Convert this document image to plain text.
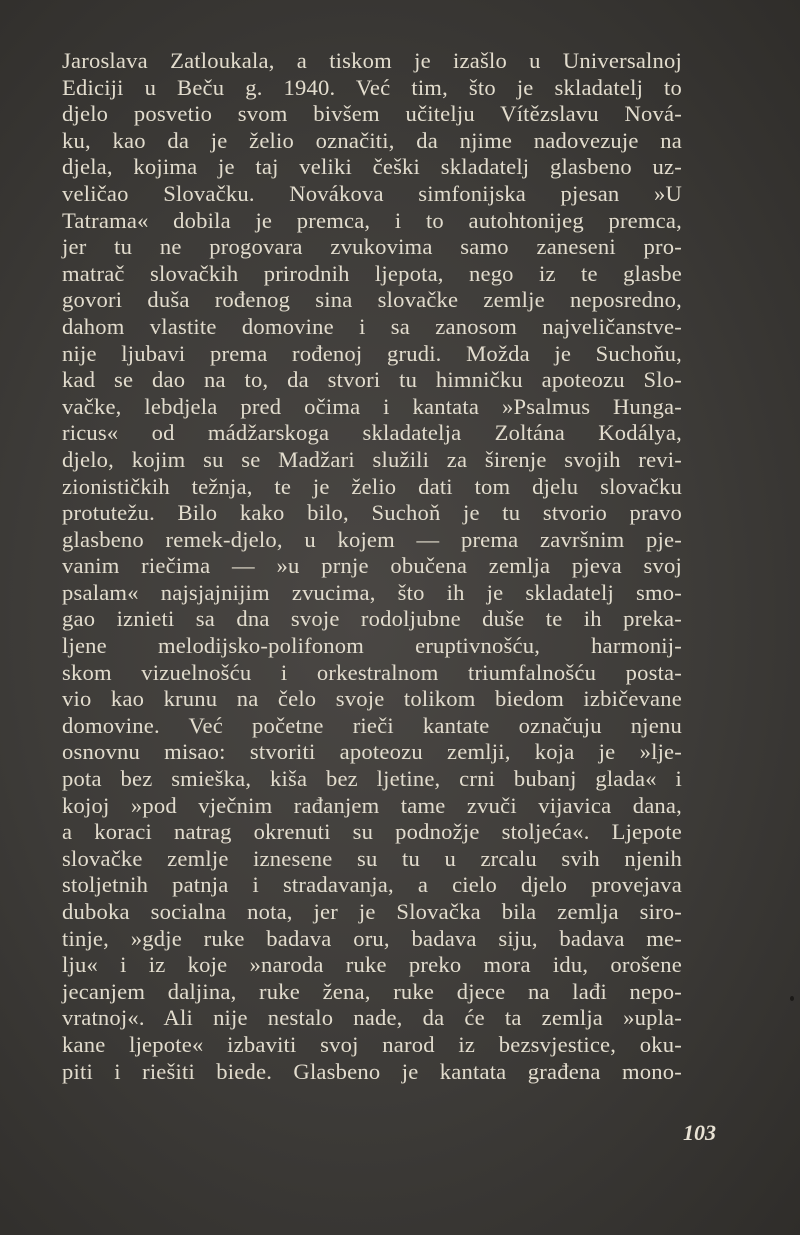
Jaroslava Zatloukala, a tiskom je izašlo u Universalnoj
Ediciji u Beču g. 1940. Već tim, što je skladatelj to
djelo posvetio svom bivšem učitelju Vítězslavu Nová-
ku, kao da je želio označiti, da njime nadovezuje na
djela, kojima je taj veliki češki skladatelj glasbeno uz-
veličao Slovačku. Novákova simfonijska pjesan »U
Tatrama« dobila je premca, i to autohtonijeg premca,
jer tu ne progovara zvukovima samo zaneseni pro-
matrač slovačkih prirodnih ljepota, nego iz te glasbe
govori duša rođenog sina slovačke zemlje neposredno,
dahom vlastite domovine i sa zanosom najveličanstve-
nije ljubavi prema rođenoj grudi. Možda je Suchoňu,
kad se dao na to, da stvori tu himničku apoteozu Slo-
vačke, lebdjela pred očima i kantata »Psalmus Hunga-
ricus« od mádžarskoga skladatelja Zoltána Kodálya,
djelo, kojim su se Madžari služili za širenje svojih revi-
zionističkih težnja, te je želio dati tom djelu slovačku
protutežu. Bilo kako bilo, Suchoň je tu stvorio pravo
glasbeno remek-djelo, u kojem — prema završnim pje-
vanim riečima — »u prnje obučena zemlja pjeva svoj
psalam« najsjajnijim zvucima, što ih je skladatelj smo-
gao iznieti sa dna svoje rodoljubne duše te ih preka-
ljene melodijsko-polifonom eruptivnošću, harmonij-
skom vizuelnošću i orkestralnom triumfalnošću posta-
vio kao krunu na čelo svoje tolikom biedom izbičevane
domovine. Već početne rieči kantate označuju njenu
osnovnu misao: stvoriti apoteozu zemlji, koja je »lje-
pota bez smieška, kiša bez ljetine, crni bubanj glada« i
kojoj »pod vječnim rađanjem tame zvuči vijavica dana,
a koraci natrag okrenuti su podnožje stoljeća«. Ljepote
slovačke zemlje iznesene su tu u zrcalu svih njenih
stoljetnih patnja i stradavanja, a cielo djelo provejava
duboka socialna nota, jer je Slovačka bila zemlja siro-
tinje, »gdje ruke badava oru, badava siju, badava me-
lju« i iz koje »naroda ruke preko mora idu, orošene
jecanjem daljina, ruke žena, ruke djece na lađi nepo-
vratnoj«. Ali nije nestalo nade, da će ta zemlja »upla-
kane ljepote« izbaviti svoj narod iz bezsvjestice, oku-
piti i riešiti biede. Glasbeno je kantata građena mono-
103
